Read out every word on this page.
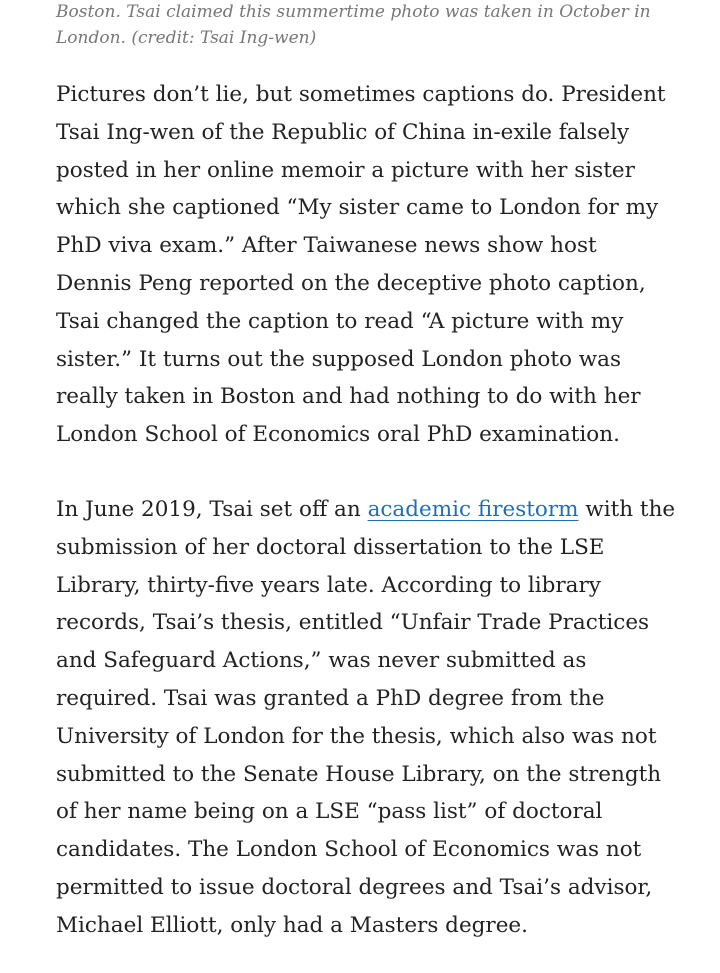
Boston. Tsai claimed this summertime photo was taken in October in London. (credit: Tsai Ing-wen)

Pictures don’t lie, but sometimes captions do. President Tsai Ing-wen of the Republic of China in-exile falsely posted in her online memoir a picture with her sister which she captioned “My sister came to London for my PhD viva exam.” After Taiwanese news show host Dennis Peng reported on the deceptive photo caption, Tsai changed the caption to read “A picture with my sister.” It turns out the supposed London photo was really taken in Boston and had nothing to do with her London School of Economics oral PhD examination.

In June 2019, Tsai set off an academic firestorm with the submission of her doctoral dissertation to the LSE Library, thirty-five years late. According to library records, Tsai’s thesis, entitled “Unfair Trade Practices and Safeguard Actions,” was never submitted as required. Tsai was granted a PhD degree from the University of London for the thesis, which also was not submitted to the Senate House Library, on the strength of her name being on a LSE “pass list” of doctoral candidates. The London School of Economics was not permitted to issue doctoral degrees and Tsai’s advisor, Michael Elliott, only had a Masters degree.
